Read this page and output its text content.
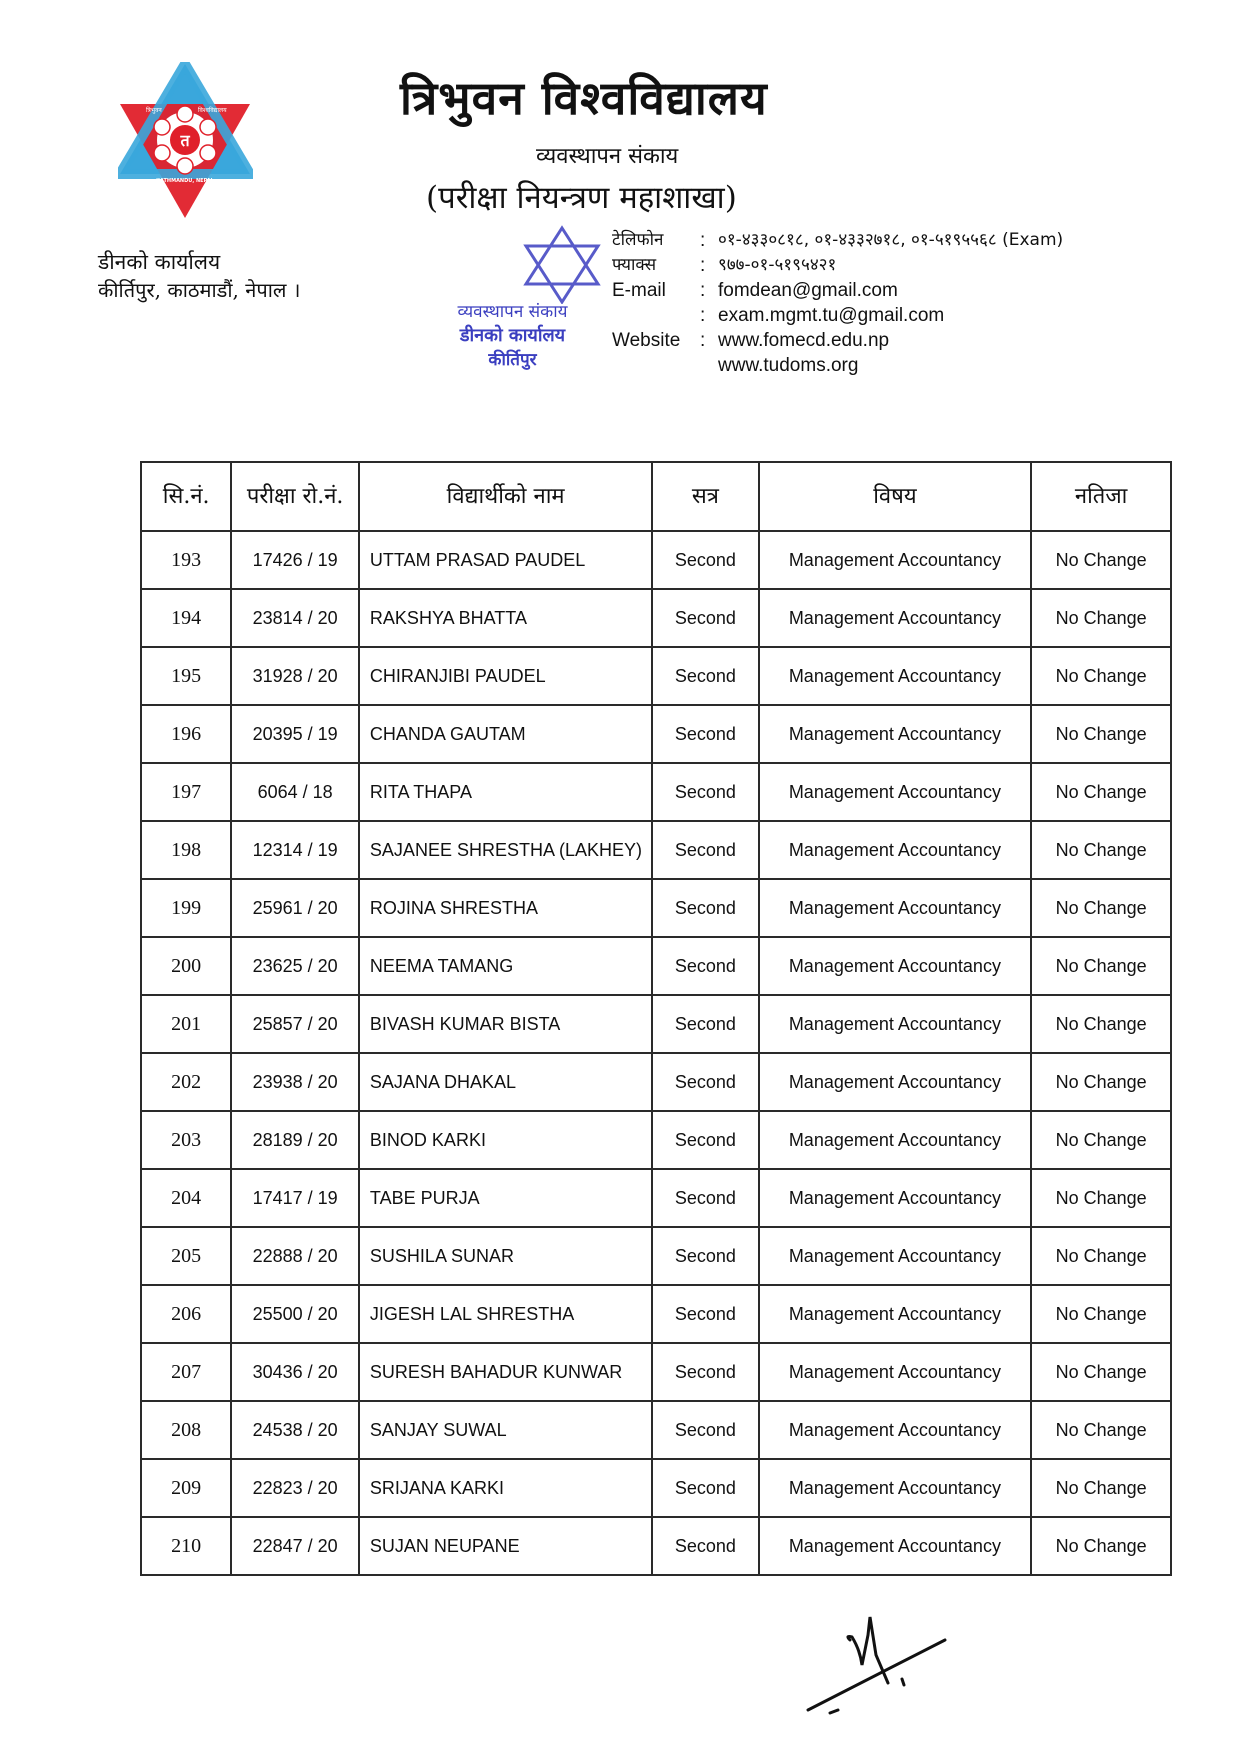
त
त्रिभुवन	विश्वविद्यालय
KATHMANDU, NEPAL
त्रिभुवन विश्वविद्यालय
व्यवस्थापन संकाय
(परीक्षा नियन्त्रण महाशाखा)
डीनको कार्यालय
कीर्तिपुर, काठमाडौं, नेपाल ।
व्यवस्थापन संकाय
डीनको कार्यालय
कीर्तिपुर
टेलिफोन	: ०१-४३३०८१८, ०१-४३३२७१८, ०१-५१९५५६८ (Exam)
फ्याक्स	: ९७७-०१-५१९५४२१
E-mail	: fomdean@gmail.com
: exam.mgmt.tu@gmail.com
Website	: www.fomecd.edu.np
www.tudoms.org
सि.नं.	परीक्षा रो.नं.	विद्यार्थीको नाम	सत्र	विषय	नतिजा
193	17426 / 19	UTTAM PRASAD PAUDEL	Second	Management Accountancy	No Change
194	23814 / 20	RAKSHYA BHATTA	Second	Management Accountancy	No Change
195	31928 / 20	CHIRANJIBI PAUDEL	Second	Management Accountancy	No Change
196	20395 / 19	CHANDA GAUTAM	Second	Management Accountancy	No Change
197	6064 / 18	RITA THAPA	Second	Management Accountancy	No Change
198	12314 / 19	SAJANEE SHRESTHA (LAKHEY)	Second	Management Accountancy	No Change
199	25961 / 20	ROJINA SHRESTHA	Second	Management Accountancy	No Change
200	23625 / 20	NEEMA TAMANG	Second	Management Accountancy	No Change
201	25857 / 20	BIVASH KUMAR BISTA	Second	Management Accountancy	No Change
202	23938 / 20	SAJANA DHAKAL	Second	Management Accountancy	No Change
203	28189 / 20	BINOD KARKI	Second	Management Accountancy	No Change
204	17417 / 19	TABE PURJA	Second	Management Accountancy	No Change
205	22888 / 20	SUSHILA SUNAR	Second	Management Accountancy	No Change
206	25500 / 20	JIGESH LAL SHRESTHA	Second	Management Accountancy	No Change
207	30436 / 20	SURESH BAHADUR KUNWAR	Second	Management Accountancy	No Change
208	24538 / 20	SANJAY SUWAL	Second	Management Accountancy	No Change
209	22823 / 20	SRIJANA KARKI	Second	Management Accountancy	No Change
210	22847 / 20	SUJAN NEUPANE	Second	Management Accountancy	No Change
